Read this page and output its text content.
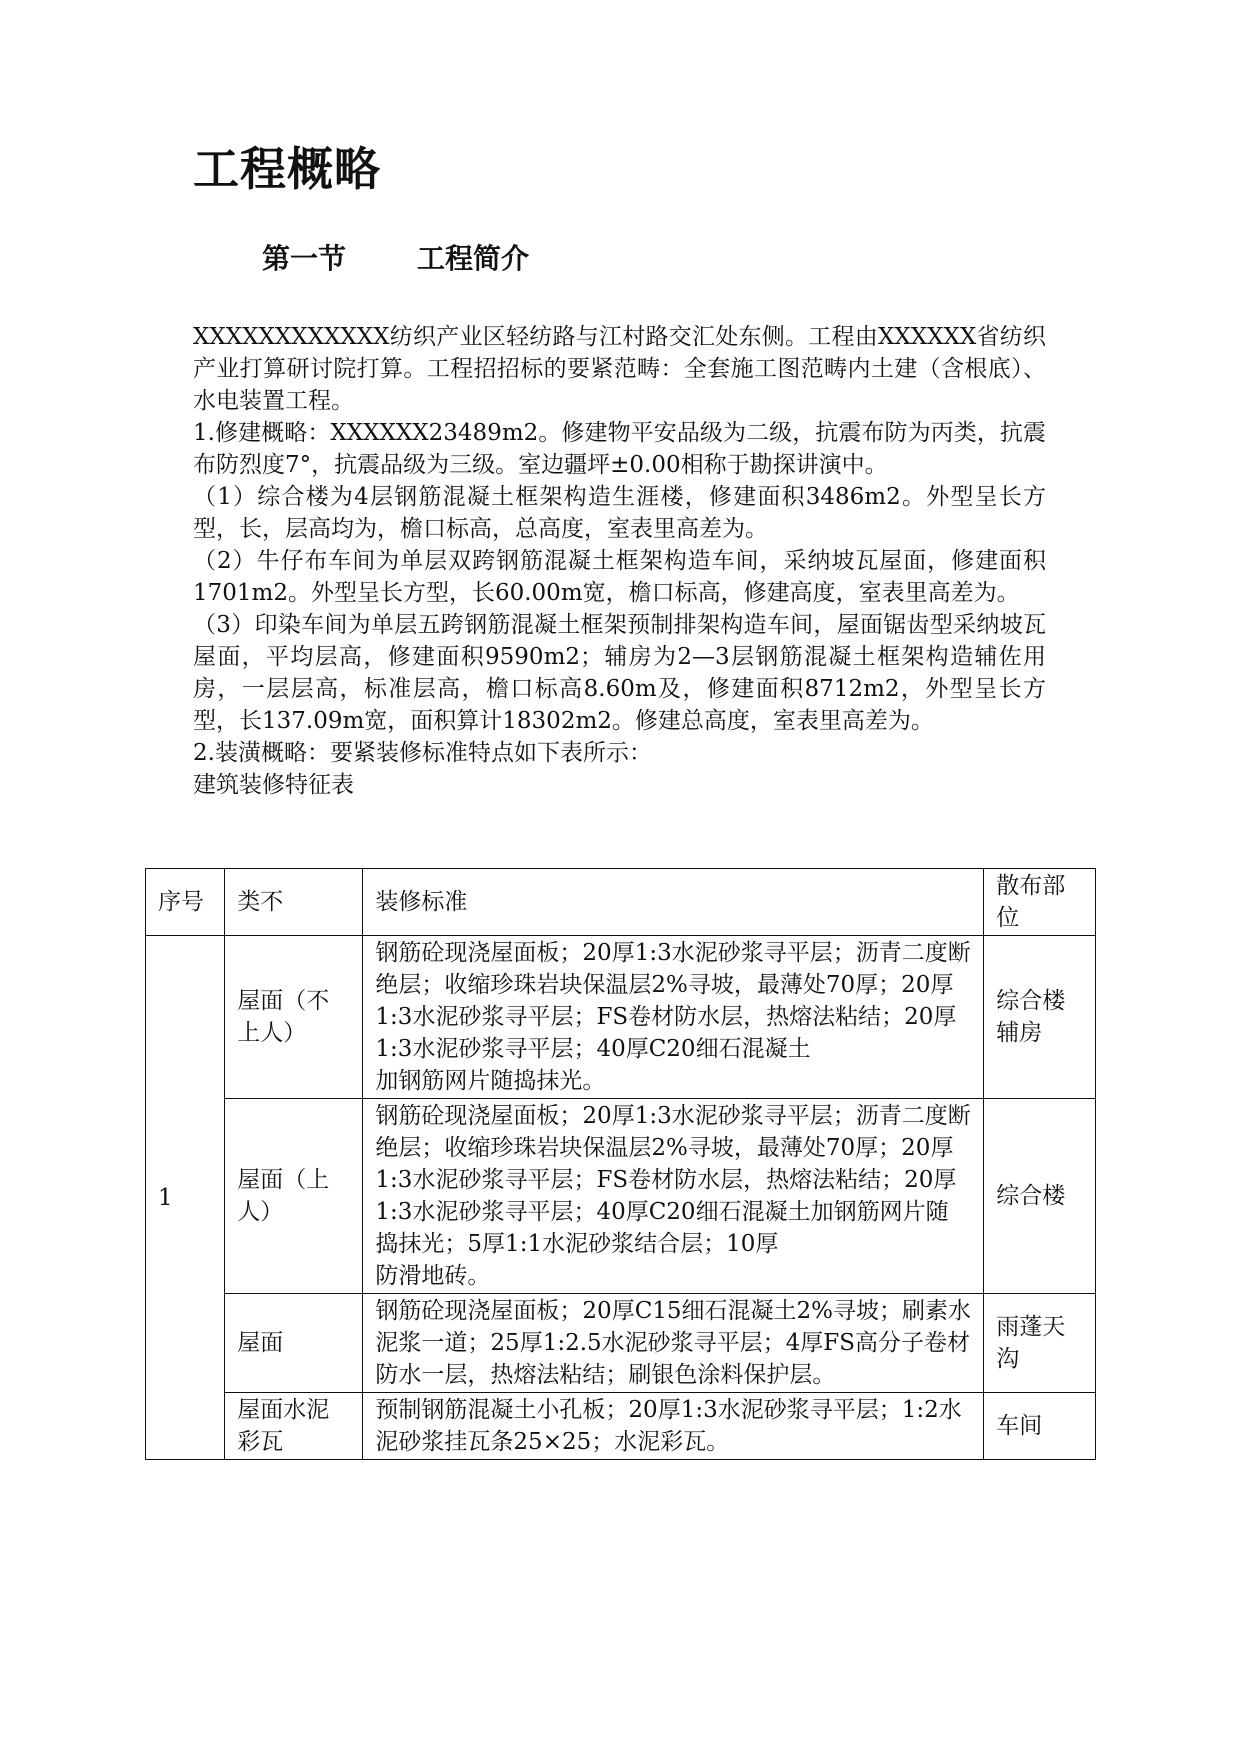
工程概略
第一节	工程简介

XXXXXXXXXXXX纺织产业区轻纺路与江村路交汇处东侧。工程由XXXXXX省纺织产业打算研讨院打算。工程招招标的要紧范畴：全套施工图范畴内土建（含根底）、水电装置工程。

1.修建概略：XXXXXX23489m2。修建物平安品级为二级，抗震布防为丙类，抗震布防烈度7°，抗震品级为三级。室边疆坪±0.00相称于勘探讲演中。

（1）综合楼为4层钢筋混凝土框架构造生涯楼，修建面积3486m2。外型呈长方型，长，层高均为，檐口标高，总高度，室表里高差为。

（2）牛仔布车间为单层双跨钢筋混凝土框架构造车间，采纳坡瓦屋面，修建面积1701m2。外型呈长方型，长60.00m宽，檐口标高，修建高度，室表里高差为。

（3）印染车间为单层五跨钢筋混凝土框架预制排架构造车间，屋面锯齿型采纳坡瓦屋面，平均层高，修建面积9590m2；辅房为2—3层钢筋混凝土框架构造辅佐用房，一层层高，标准层高，檐口标高8.60m及，修建面积8712m2，外型呈长方型，长137.09m宽，面积算计18302m2。修建总高度，室表里高差为。

2.装潢概略：要紧装修标准特点如下表所示：

建筑装修特征表

序号	类不	装修标准	散布部位
1	屋面（不上人）	钢筋砼现浇屋面板；20厚1:3水泥砂浆寻平层；沥青二度断绝层；收缩珍珠岩块保温层2%寻坡，最薄处70厚；20厚1:3水泥砂浆寻平层；FS卷材防水层，热熔法粘结；20厚1:3水泥砂浆寻平层；40厚C20细石混凝土
加钢筋网片随捣抹光。	综合楼辅房
	屋面（上人）	钢筋砼现浇屋面板；20厚1:3水泥砂浆寻平层；沥青二度断绝层；收缩珍珠岩块保温层2%寻坡，最薄处70厚；20厚1:3水泥砂浆寻平层；FS卷材防水层，热熔法粘结；20厚1:3水泥砂浆寻平层；40厚C20细石混凝土加钢筋网片随捣抹光；5厚1:1水泥砂浆结合层；10厚
防滑地砖。	综合楼
	屋面	钢筋砼现浇屋面板；20厚C15细石混凝土2%寻坡；刷素水泥浆一道；25厚1:2.5水泥砂浆寻平层；4厚FS高分子卷材防水一层，热熔法粘结；刷银色涂料保护层。	雨蓬天沟
	屋面水泥彩瓦	预制钢筋混凝土小孔板；20厚1:3水泥砂浆寻平层；1:2水泥砂浆挂瓦条25×25；水泥彩瓦。	车间
